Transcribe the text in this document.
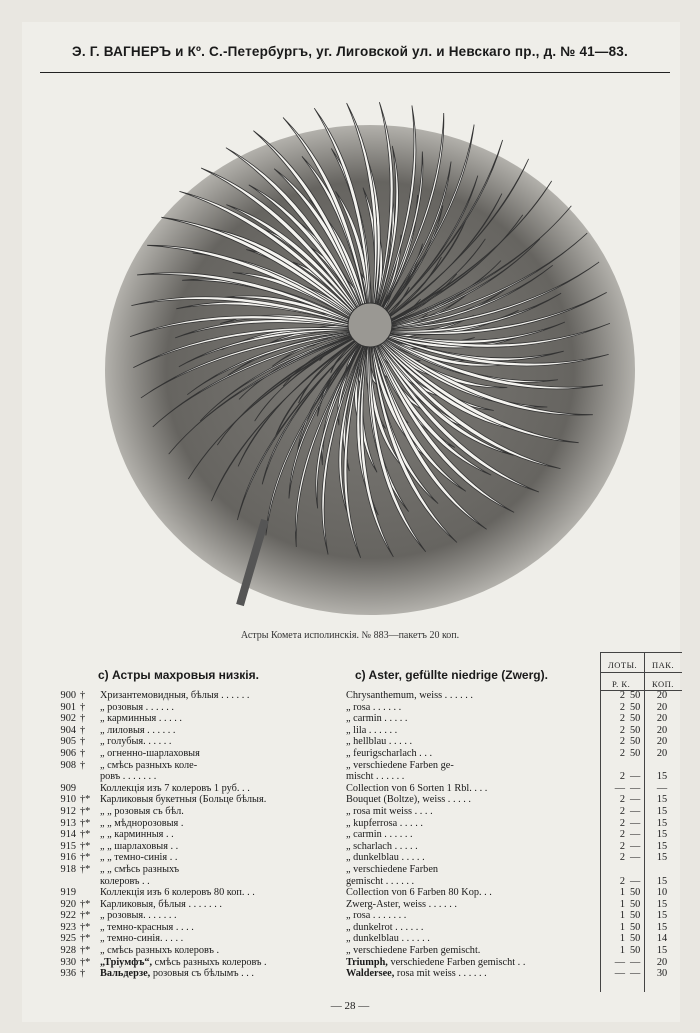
Э. Г. ВАГНЕРЪ и Кº. С.-Петербургъ, уг. Лиговской ул. и Невскаго пр., д. № 41—83.
Астры Комета исполинскія. № 883—пакетъ 20 коп.
c) Астры махровыя низкія.	c) Aster, gefüllte niedrige (Zwerg).
ЛОТЫ. ПАК.
Р. К.	КОП.
900 †	Хризантемовидныя, бѣлыя . . . . . .	Chrysanthemum, weiss . . . . . .	2 50	20
901 †	„ розовыя . . . . . .	„ rosa . . . . . .	2 50	20
902 †	„ карминныя . . . . .	„ carmin . . . . .	2 50	20
904 †	„ лиловыя . . . . . .	„ lila . . . . . .	2 50	20
905 †	„ голубыя. . . . . .	„ hellblau . . . . .	2 50	20
906 †	„ огненно-шарлаховыя	„ feurigscharlach . . .	2 50	20
908 †	„ смѣсь разныхъ коле-	„ verschiedene Farben ge-
ровъ . . . . . . .	mischt . . . . . .	2 —	15
909 Коллекція изъ 7 колеровъ 1 руб. . .	Collection von 6 Sorten 1 Rbl. . . .	— —	—
910 †* Карликовыя букетныя (Больце бѣлыя.	Bouquet (Boltze), weiss . . . . .	2 —	15
912 †* „ „ розовыя съ бѣл.	„ rosa mit weiss . . . .	2 —	15
913 †* „ „ мѣднорозовыя .	„ kupferrosa . . . . .	2 —	15
914 †* „ „ карминныя . .	„ carmin . . . . . .	2 —	15
915 †* „ „ шарлаховыя . .	„ scharlach . . . . .	2 —	15
916 †* „ „ темно-синія . .	„ dunkelblau . . . . .	2 —	15
918 †* „ „ смѣсь разныхъ	„ verschiedene Farben
колеровъ . .	gemischt . . . . . .	2 —	15
919 Коллекція изъ 6 колеровъ 80 коп. . .	Collection von 6 Farben 80 Kop. . .	1 50	10
920 †* Карликовыя, бѣлыя . . . . . . .	Zwerg-Aster, weiss . . . . . .	1 50	15
922 †* „ розовыя. . . . . . .	„ rosa . . . . . . .	1 50	15
923 †* „ темно-красныя . . . .	„ dunkelrot . . . . . .	1 50	15
925 †* „ темно-синія. . . . .	„ dunkelblau . . . . . .	1 50	14
928 †* „ смѣсь разныхъ колеровъ .	„ verschiedene Farben gemischt.	1 50	15
930 †* „Тріумфъ“, смѣсь разныхъ колеровъ .	Triumph, verschiedene Farben gemischt . .	— —	20
936 †	Вальдерзе, розовыя съ бѣлымъ . . .	Waldersee, rosa mit weiss . . . . . .	— —	30
— 28 —
